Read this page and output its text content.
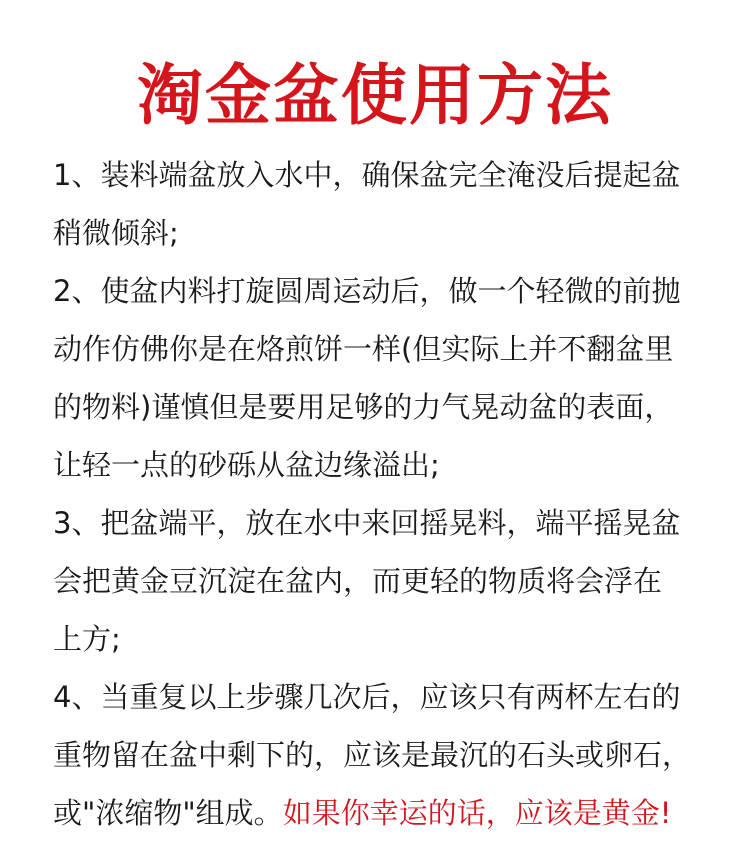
淘金盆使用方法
1、装料端盆放入水中，确保盆完全淹没后提起盆
稍微倾斜;
2、使盆内料打旋圆周运动后，做一个轻微的前抛
动作仿佛你是在烙煎饼一样(但实际上并不翻盆里
的物料)谨慎但是要用足够的力气晃动盆的表面，
让轻一点的砂砾从盆边缘溢出;
3、把盆端平，放在水中来回摇晃料，端平摇晃盆
会把黄金豆沉淀在盆内，而更轻的物质将会浮在
上方;
4、当重复以上步骤几次后，应该只有两杯左右的
重物留在盆中剩下的，应该是最沉的石头或卵石，
或"浓缩物"组成。如果你幸运的话，应该是黄金!
